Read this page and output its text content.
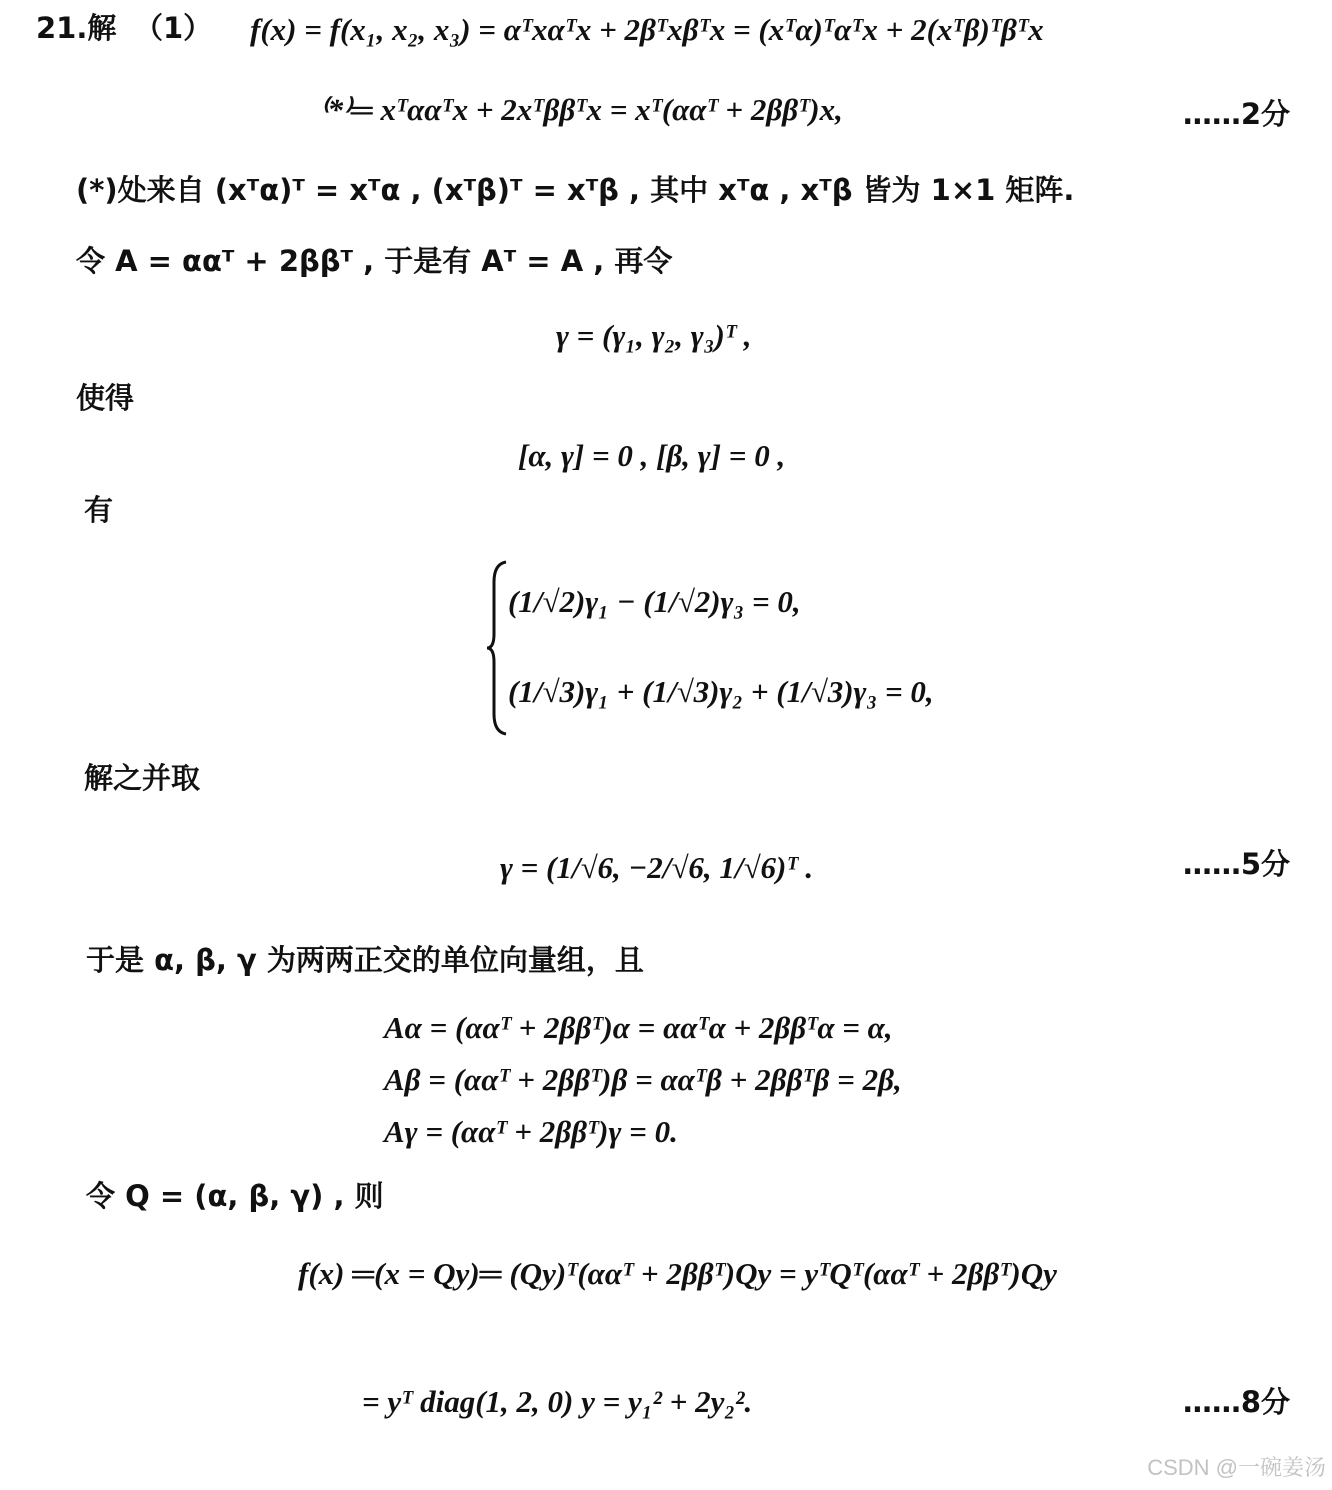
21.解 （1） f(x) = f(x₁, x₂, x₃) = αᵀxαᵀx + 2βᵀxβᵀx = (xᵀα)ᵀαᵀx + 2(xᵀβ)ᵀβᵀx
⁽*⁾═ xᵀααᵀx + 2xᵀββᵀx = xᵀ(ααᵀ + 2ββᵀ)x,	……2分
(*)处来自 (xᵀα)ᵀ = xᵀα , (xᵀβ)ᵀ = xᵀβ , 其中 xᵀα , xᵀβ 皆为 1×1 矩阵.
令 A = ααᵀ + 2ββᵀ , 于是有 Aᵀ = A , 再令
γ = (γ₁, γ₂, γ₃)ᵀ ,
使得
[α, γ] = 0 , [β, γ] = 0 ,
有
(1/√2)γ₁ − (1/√2)γ₃ = 0,
(1/√3)γ₁ + (1/√3)γ₂ + (1/√3)γ₃ = 0,
解之并取
γ = (1/√6, −2/√6, 1/√6)ᵀ .	……5分
于是 α, β, γ 为两两正交的单位向量组，且
Aα = (ααᵀ + 2ββᵀ)α = ααᵀα + 2ββᵀα = α,
Aβ = (ααᵀ + 2ββᵀ)β = ααᵀβ + 2ββᵀβ = 2β,
Aγ = (ααᵀ + 2ββᵀ)γ = 0.
令 Q = (α, β, γ) , 则
f(x) ═(x = Qy)═ (Qy)ᵀ(ααᵀ + 2ββᵀ)Qy = yᵀQᵀ(ααᵀ + 2ββᵀ)Qy
= yᵀ diag(1, 2, 0) y = y₁² + 2y₂².	……8分
CSDN @一碗姜汤
